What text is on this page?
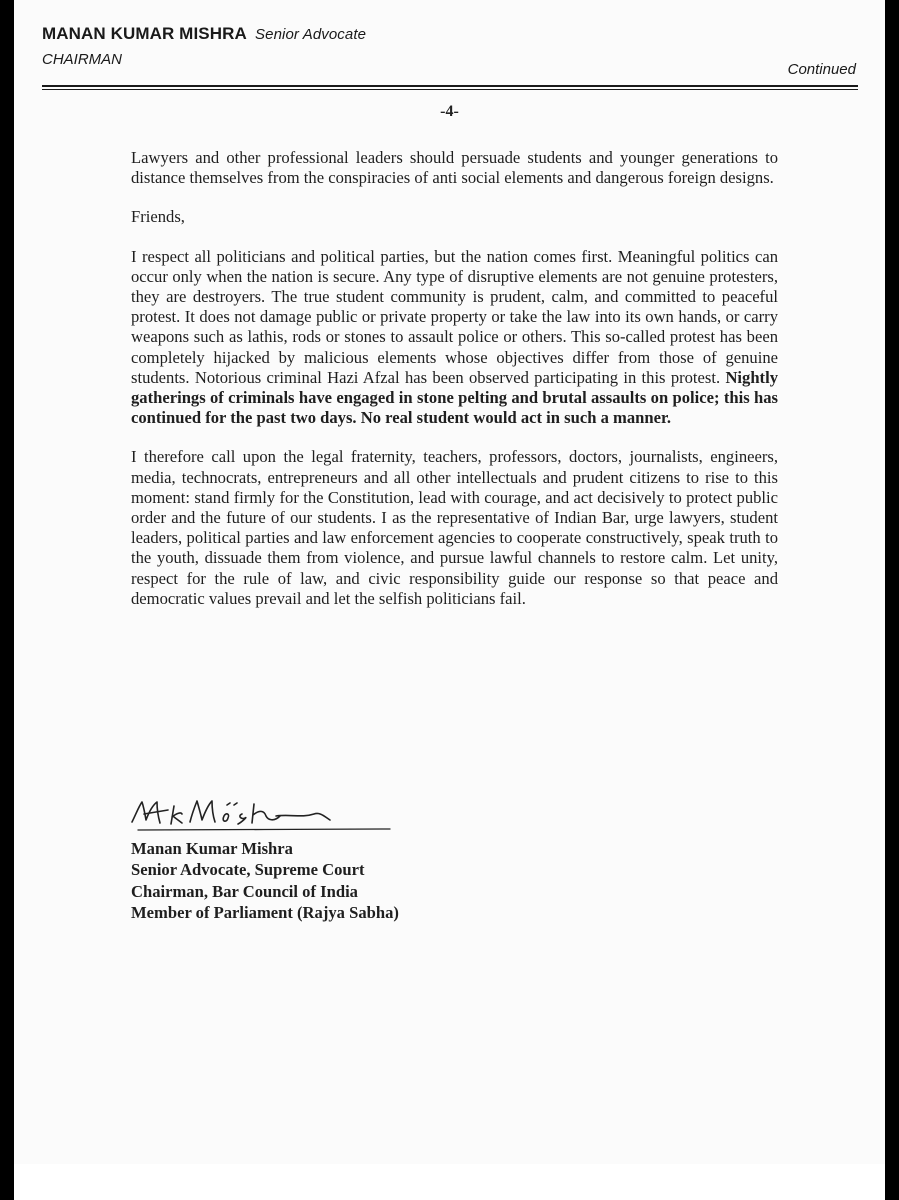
MANAN KUMAR MISHRA Senior Advocate
CHAIRMAN
Continued
-4-

Lawyers and other professional leaders should persuade students and younger generations to distance themselves from the conspiracies of anti social elements and dangerous foreign designs.

Friends,

I respect all politicians and political parties, but the nation comes first. Meaningful politics can occur only when the nation is secure. Any type of disruptive elements are not genuine protesters, they are destroyers. The true student community is prudent, calm, and committed to peaceful protest. It does not damage public or private property or take the law into its own hands, or carry weapons such as lathis, rods or stones to assault police or others. This so-called protest has been completely hijacked by malicious elements whose objectives differ from those of genuine students. Notorious criminal Hazi Afzal has been observed participating in this protest. Nightly gatherings of criminals have engaged in stone pelting and brutal assaults on police; this has continued for the past two days. No real student would act in such a manner.

I therefore call upon the legal fraternity, teachers, professors, doctors, journalists, engineers, media, technocrats, entrepreneurs and all other intellectuals and prudent citizens to rise to this moment: stand firmly for the Constitution, lead with courage, and act decisively to protect public order and the future of our students. I as the representative of Indian Bar, urge lawyers, student leaders, political parties and law enforcement agencies to cooperate constructively, speak truth to the youth, dissuade them from violence, and pursue lawful channels to restore calm. Let unity, respect for the rule of law, and civic responsibility guide our response so that peace and democratic values prevail and let the selfish politicians fail.

Manan Kumar Mishra
Senior Advocate, Supreme Court
Chairman, Bar Council of India
Member of Parliament (Rajya Sabha)
